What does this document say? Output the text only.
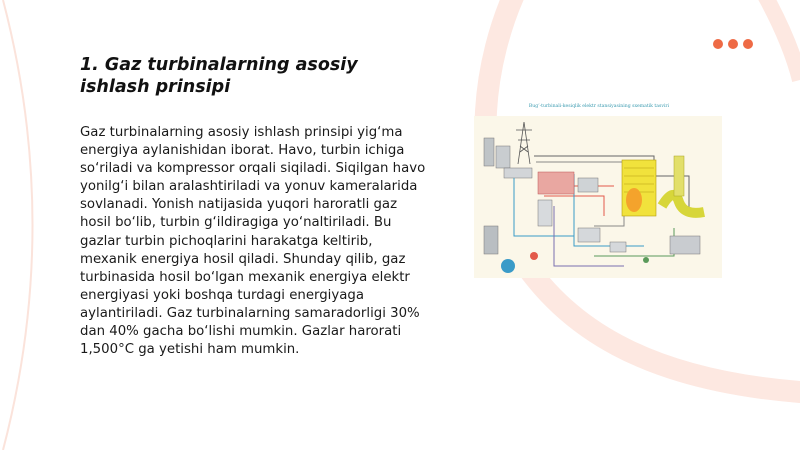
1. Gaz turbinalarning asosiy ishlash prinsipi

Gaz turbinalarning asosiy ishlash prinsipi yig‘ma energiya aylanishidan iborat. Havo, turbin ichiga so‘riladi va kompressor orqali siqiladi. Siqilgan havo yonilg‘i bilan aralashtiriladi va yonuv kameralarida sovlanadi. Yonish natijasida yuqori haroratli gaz hosil bo‘lib, turbin g‘ildiragiga yo‘naltiriladi. Bu gazlar turbin pichoqlarini harakatga keltirib, mexanik energiya hosil qiladi. Shunday qilib, gaz turbinasida hosil bo‘lgan mexanik energiya elektr energiyasi yoki boshqa turdagi energiyaga aylantiriladi. Gaz turbinalarning samaradorligi 30% dan 40% gacha bo‘lishi mumkin. Gazlar harorati 1,500°C ga yetishi ham mumkin.

Bug‘-turbinali-kesiqlik elektr stansiyasining sxematik tasviri
